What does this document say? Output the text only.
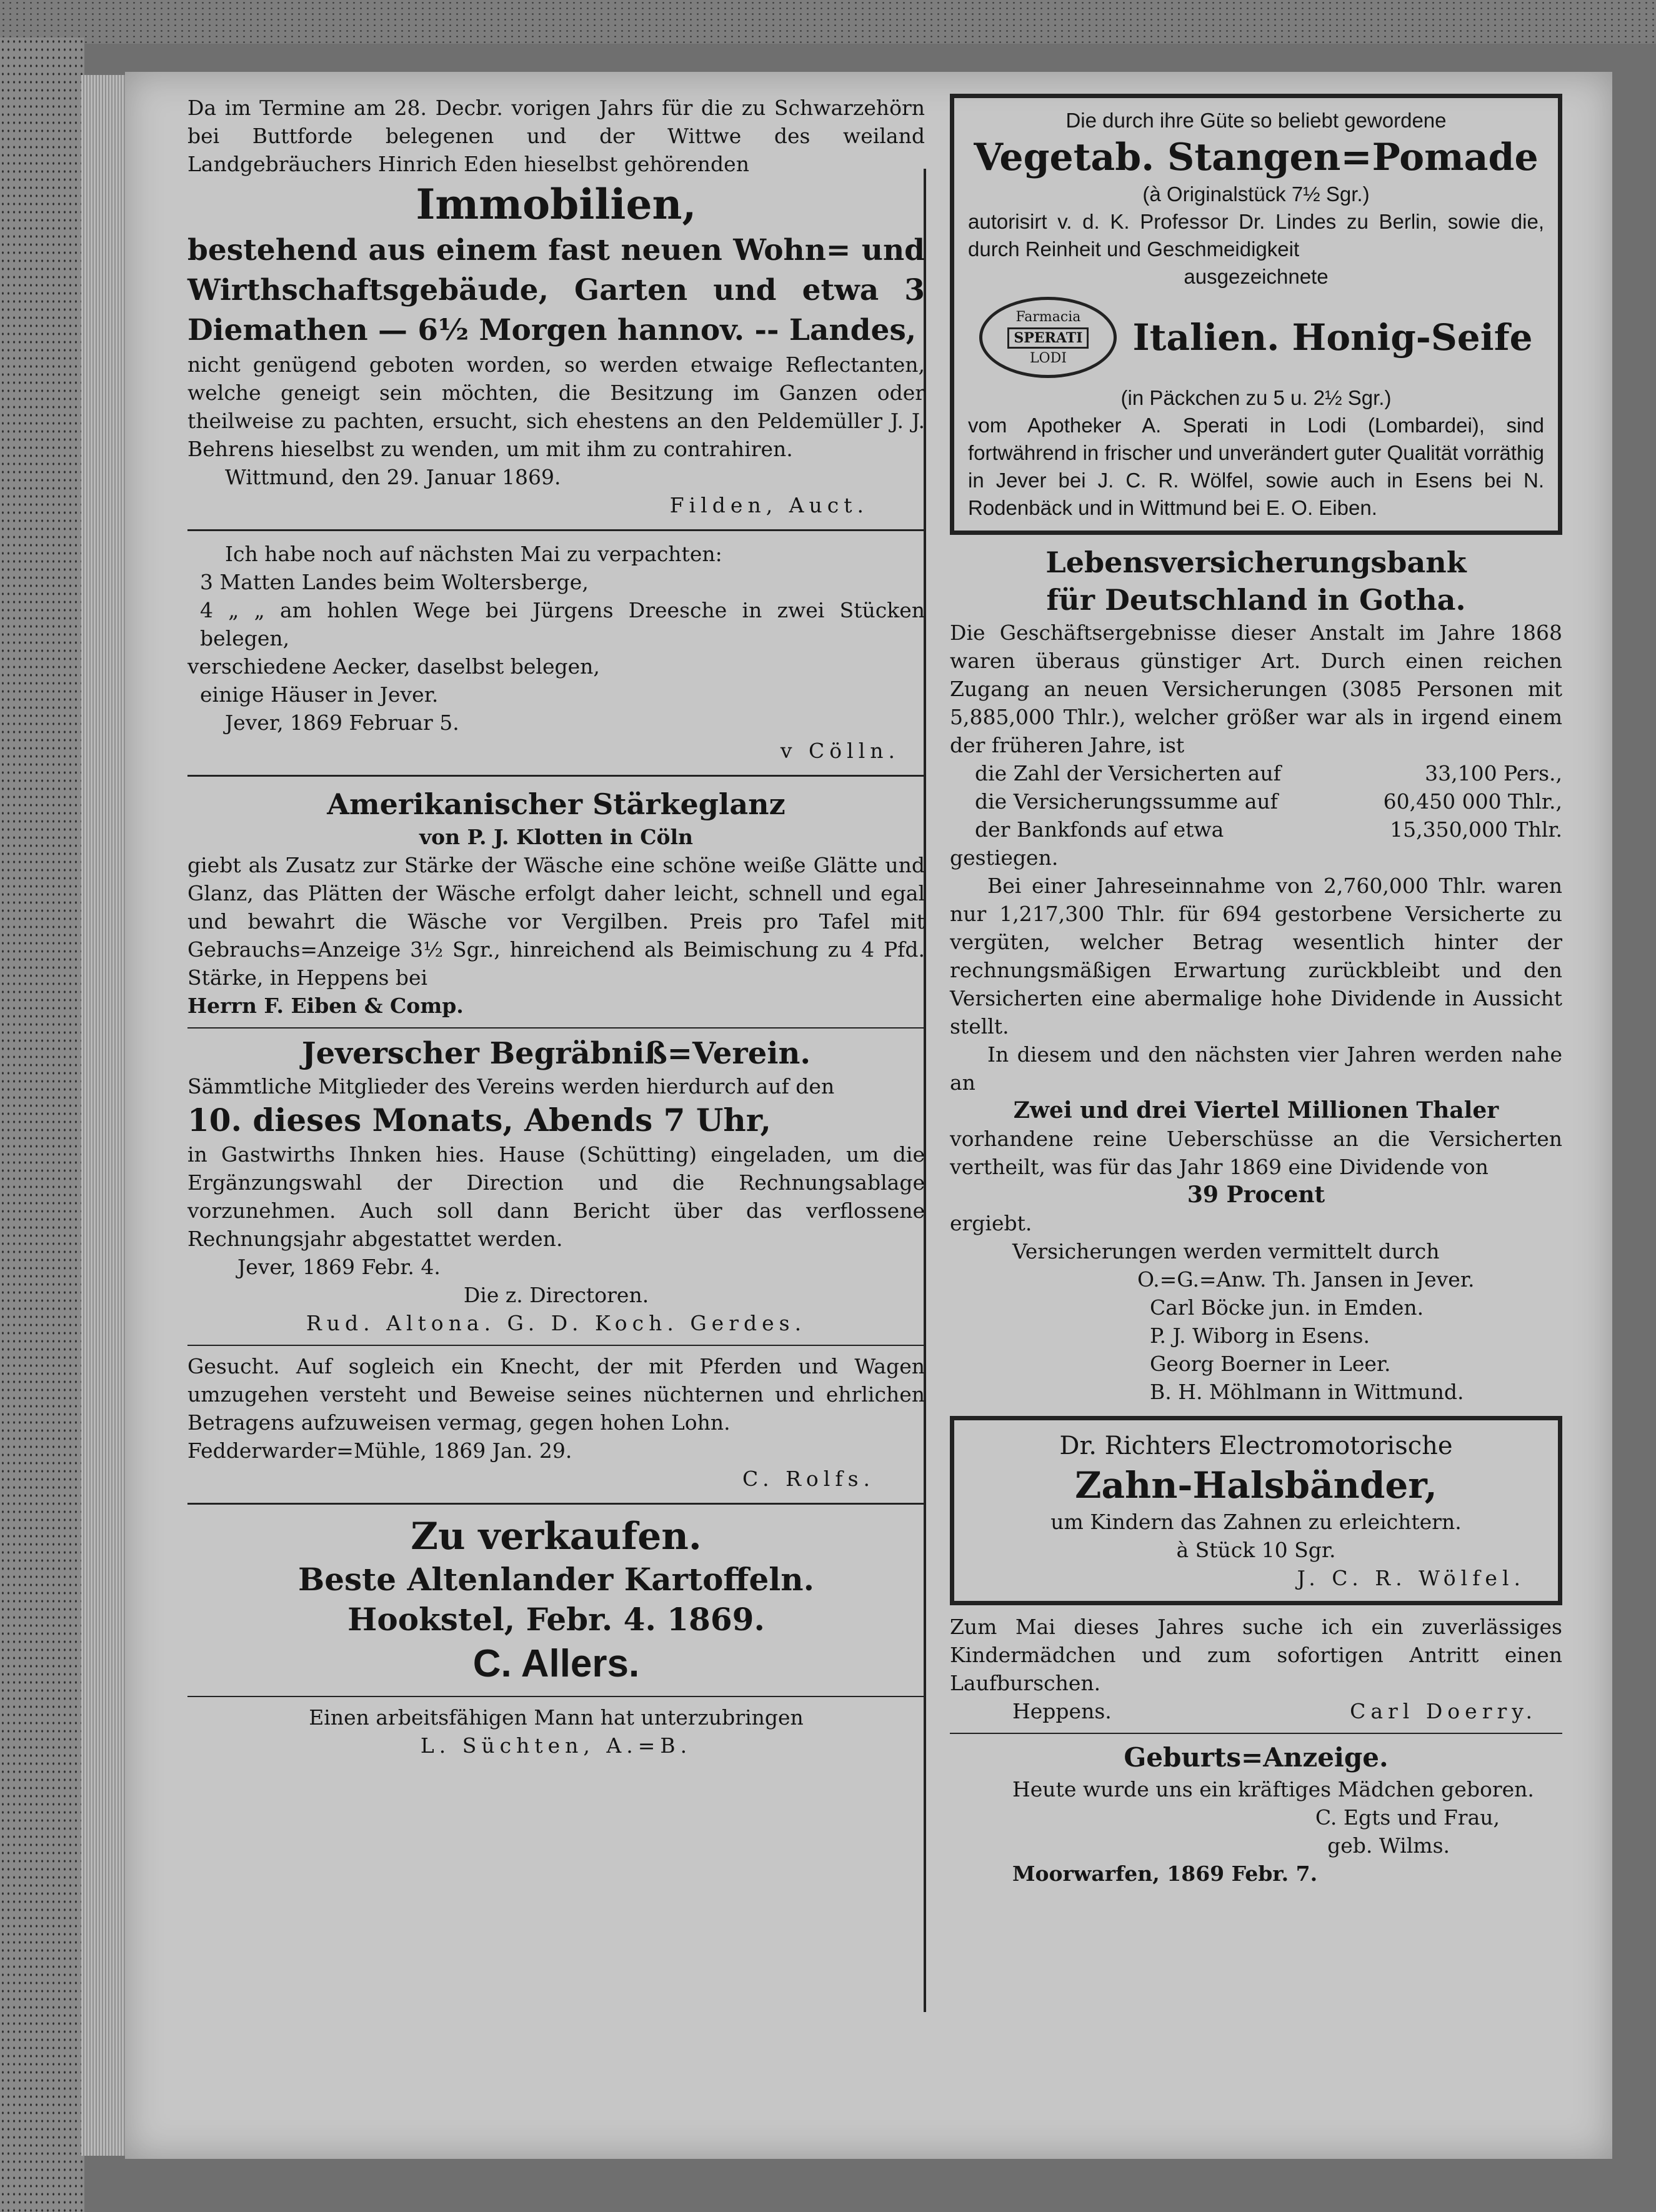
Da im Termine am 28. Decbr. vorigen Jahrs für die zu Schwarzehörn bei Buttforde belegenen und der Wittwe des weiland Landgebräuchers Hinrich Eden hieselbst gehörenden

Immobilien,

bestehend aus einem fast neuen Wohn= und Wirthschaftsgebäude, Garten und etwa 3 Diemathen — 6½ Morgen hannov. -- Landes,

nicht genügend geboten worden, so werden etwaige Reflectanten, welche geneigt sein möchten, die Besitzung im Ganzen oder theilweise zu pachten, ersucht, sich ehestens an den Peldemüller J. J. Behrens hieselbst zu wenden, um mit ihm zu contrahiren.

Wittmund, den 29. Januar 1869.

Filden, Auct.

Ich habe noch auf nächsten Mai zu verpachten:

3 Matten Landes beim Woltersberge,

4 „ „ am hohlen Wege bei Jürgens Dreesche in zwei Stücken belegen,

verschiedene Aecker, daselbst belegen,

einige Häuser in Jever.

Jever, 1869 Februar 5.

v Cölln.

Amerikanischer Stärkeglanz

von P. J. Klotten in Cöln

giebt als Zusatz zur Stärke der Wäsche eine schöne weiße Glätte und Glanz, das Plätten der Wäsche erfolgt daher leicht, schnell und egal und bewahrt die Wäsche vor Vergilben. Preis pro Tafel mit Gebrauchs=Anzeige 3½ Sgr., hinreichend als Beimischung zu 4 Pfd. Stärke, in Heppens bei

Herrn F. Eiben & Comp.

Jeverscher Begräbniß=Verein.

Sämmtliche Mitglieder des Vereins werden hierdurch auf den

10. dieses Monats, Abends 7 Uhr,

in Gastwirths Ihnken hies. Hause (Schütting) eingeladen, um die Ergänzungswahl der Direction und die Rechnungsablage vorzunehmen. Auch soll dann Bericht über das verflossene Rechnungsjahr abgestattet werden.

Jever, 1869 Febr. 4.

Die z. Directoren.

Rud. Altona. G. D. Koch. Gerdes.

Gesucht. Auf sogleich ein Knecht, der mit Pferden und Wagen umzugehen versteht und Beweise seines nüchternen und ehrlichen Betragens aufzuweisen vermag, gegen hohen Lohn.

Fedderwarder=Mühle, 1869 Jan. 29.

C. Rolfs.

Zu verkaufen.

Beste Altenlander Kartoffeln.

Hookstel, Febr. 4. 1869.

C. Allers.

Einen arbeitsfähigen Mann hat unterzubringen

L. Süchten, A.=B.

Die durch ihre Güte so beliebt gewordene

Vegetab. Stangen=Pomade

(à Originalstück 7½ Sgr.)

autorisirt v. d. K. Professor Dr. Lindes zu Berlin, sowie die, durch Reinheit und Geschmeidigkeit

ausgezeichnete

Farmacia
SPERATI
LODI Italien. Honig-Seife

(in Päckchen zu 5 u. 2½ Sgr.)

vom Apotheker A. Sperati in Lodi (Lombardei), sind fortwährend in frischer und unverändert guter Qualität vorräthig in Jever bei J. C. R. Wölfel, sowie auch in Esens bei N. Rodenbäck und in Wittmund bei E. O. Eiben.

Lebensversicherungsbank

für Deutschland in Gotha.

Die Geschäftsergebnisse dieser Anstalt im Jahre 1868 waren überaus günstiger Art. Durch einen reichen Zugang an neuen Versicherungen (3085 Personen mit 5,885,000 Thlr.), welcher größer war als in irgend einem der früheren Jahre, ist

die Zahl der Versicherten auf	33,100 Pers.,
die Versicherungssumme auf	60,450 000 Thlr.,
der Bankfonds auf etwa	15,350,000 Thlr.

gestiegen.

Bei einer Jahreseinnahme von 2,760,000 Thlr. waren nur 1,217,300 Thlr. für 694 gestorbene Versicherte zu vergüten, welcher Betrag wesentlich hinter der rechnungsmäßigen Erwartung zurückbleibt und den Versicherten eine abermalige hohe Dividende in Aussicht stellt.

In diesem und den nächsten vier Jahren werden nahe an

Zwei und drei Viertel Millionen Thaler

vorhandene reine Ueberschüsse an die Versicherten vertheilt, was für das Jahr 1869 eine Dividende von

39 Procent

ergiebt.

Versicherungen werden vermittelt durch

O.=G.=Anw. Th. Jansen in Jever.

Carl Böcke jun. in Emden.

P. J. Wiborg in Esens.

Georg Boerner in Leer.

B. H. Möhlmann in Wittmund.

Dr. Richters Electromotorische

Zahn-Halsbänder,

um Kindern das Zahnen zu erleichtern.

à Stück 10 Sgr.

J. C. R. Wölfel.

Zum Mai dieses Jahres suche ich ein zuverlässiges Kindermädchen und zum sofortigen Antritt einen Laufburschen.

Heppens.	Carl Doerry.

Geburts=Anzeige.

Heute wurde uns ein kräftiges Mädchen geboren.

C. Egts und Frau,

geb. Wilms.

Moorwarfen, 1869 Febr. 7.
